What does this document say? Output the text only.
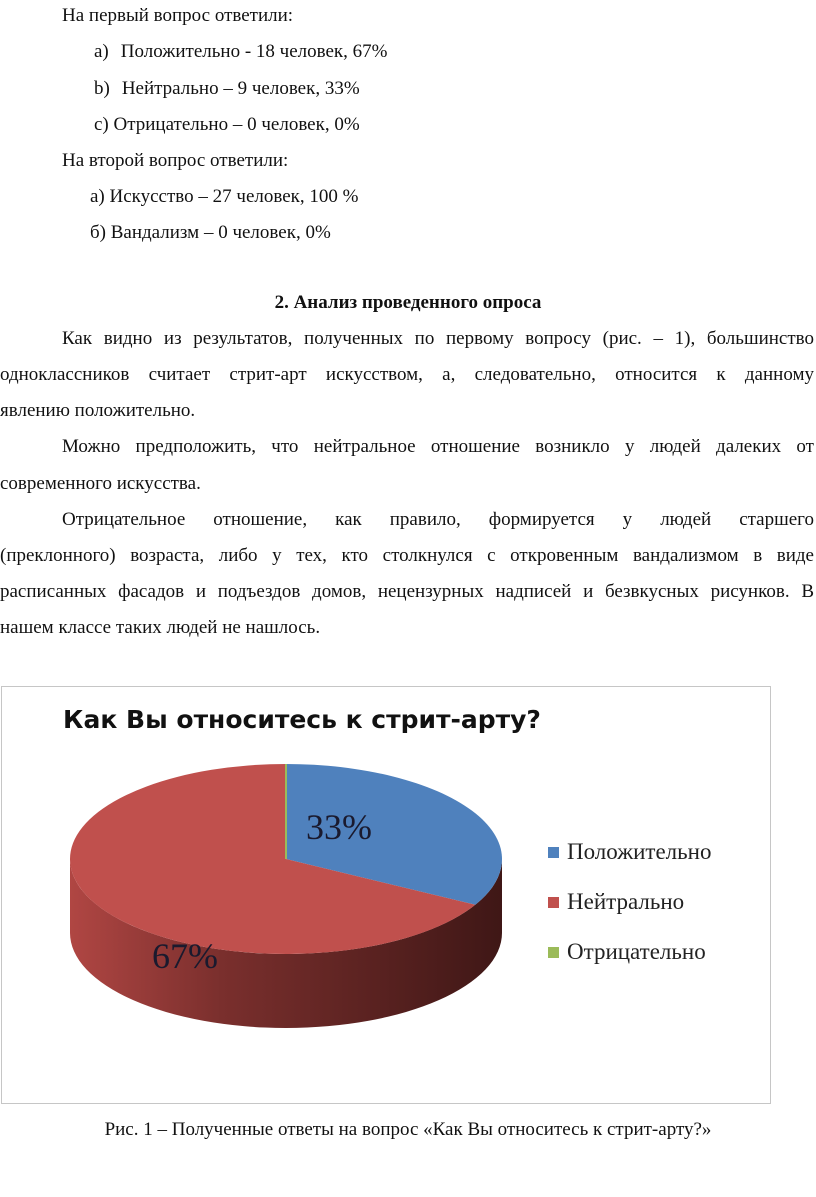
На первый вопрос ответили:
a) Положительно - 18 человек, 67%
b) Нейтрально – 9 человек, 33%
c) Отрицательно – 0 человек, 0%
На второй вопрос ответили:
а) Искусство – 27 человек, 100 %
б) Вандализм – 0 человек, 0%
2. Анализ проведенного опроса
Как видно из результатов, полученных по первому вопросу (рис. – 1), большинство
одноклассников считает стрит-арт искусством, а, следовательно, относится к данному
явлению положительно.
Можно предположить, что нейтральное отношение возникло у людей далеких от
современного искусства.
Отрицательное отношение, как правило, формируется у людей старшего
(преклонного) возраста, либо у тех, кто столкнулся с откровенным вандализмом в виде
расписанных фасадов и подъездов домов, нецензурных надписей и безвкусных рисунков. В
нашем классе таких людей не нашлось.
Как Вы относитесь к стрит-арту?
33%
67%
Положительно
Нейтрально
Отрицательно
Рис. 1 – Полученные ответы на вопрос «Как Вы относитесь к стрит-арту?»
